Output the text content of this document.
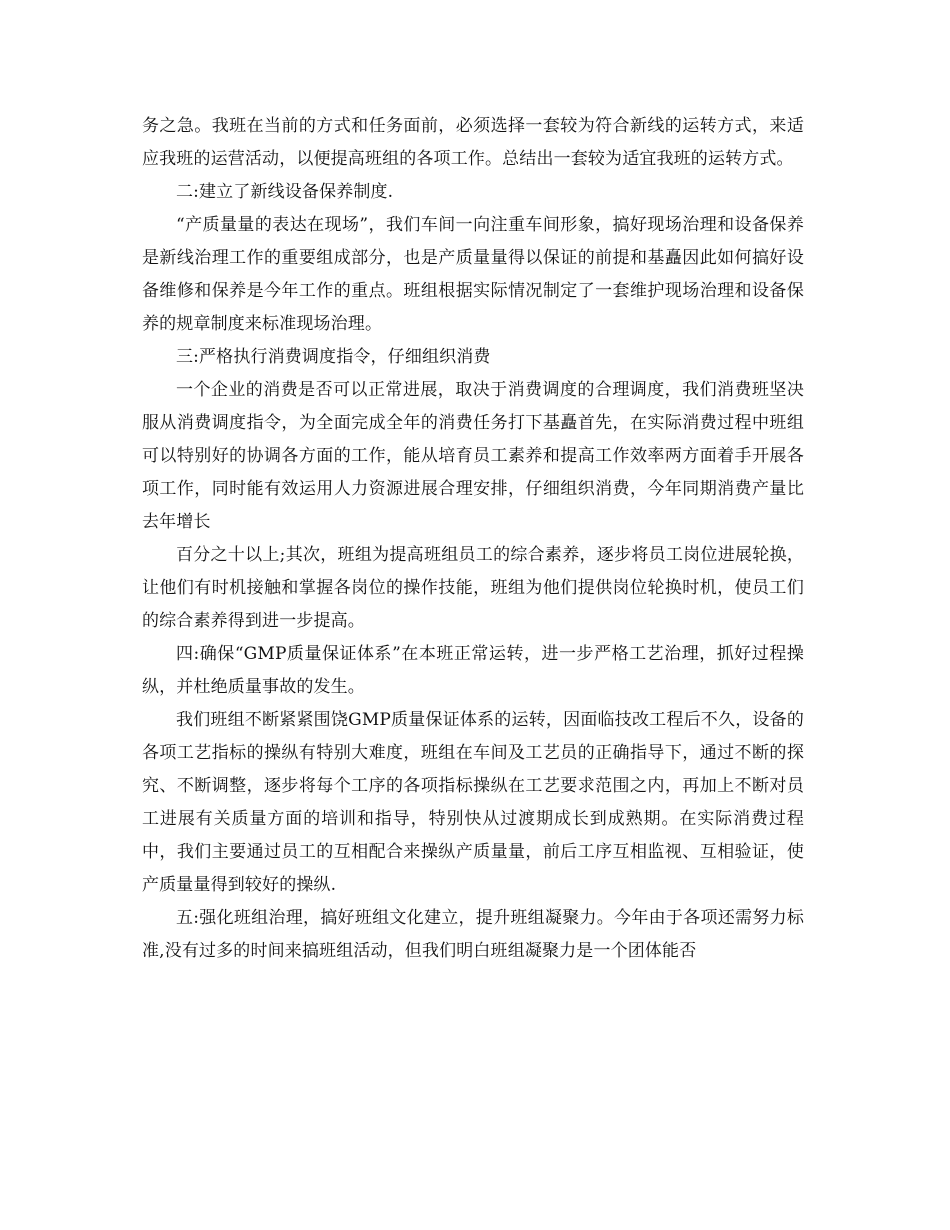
务之急。我班在当前的方式和任务面前，必须选择一套较为符合新线的运转方式，来适应我班的运营活动，以便提高班组的各项工作。总结出一套较为适宜我班的运转方式。

二:建立了新线设备保养制度.

“产质量量的表达在现场”，我们车间一向注重车间形象，搞好现场治理和设备保养是新线治理工作的重要组成部分，也是产质量量得以保证的前提和基矗因此如何搞好设备维修和保养是今年工作的重点。班组根据实际情况制定了一套维护现场治理和设备保养的规章制度来标准现场治理。

三:严格执行消费调度指令，仔细组织消费

一个企业的消费是否可以正常进展，取决于消费调度的合理调度，我们消费班坚决服从消费调度指令，为全面完成全年的消费任务打下基矗首先，在实际消费过程中班组可以特别好的协调各方面的工作，能从培育员工素养和提高工作效率两方面着手开展各项工作，同时能有效运用人力资源进展合理安排，仔细组织消费，今年同期消费产量比去年增长

百分之十以上;其次，班组为提高班组员工的综合素养，逐步将员工岗位进展轮换，让他们有时机接触和掌握各岗位的操作技能，班组为他们提供岗位轮换时机，使员工们的综合素养得到进一步提高。

四:确保“GMP质量保证体系”在本班正常运转，进一步严格工艺治理，抓好过程操纵，并杜绝质量事故的发生。

我们班组不断紧紧围饶GMP质量保证体系的运转，因面临技改工程后不久，设备的各项工艺指标的操纵有特别大难度，班组在车间及工艺员的正确指导下，通过不断的探究、不断调整，逐步将每个工序的各项指标操纵在工艺要求范围之内，再加上不断对员工进展有关质量方面的培训和指导，特别快从过渡期成长到成熟期。在实际消费过程中，我们主要通过员工的互相配合来操纵产质量量，前后工序互相监视、互相验证，使产质量量得到较好的操纵.

五:强化班组治理，搞好班组文化建立，提升班组凝聚力。今年由于各项还需努力标准,没有过多的时间来搞班组活动，但我们明白班组凝聚力是一个团体能否
